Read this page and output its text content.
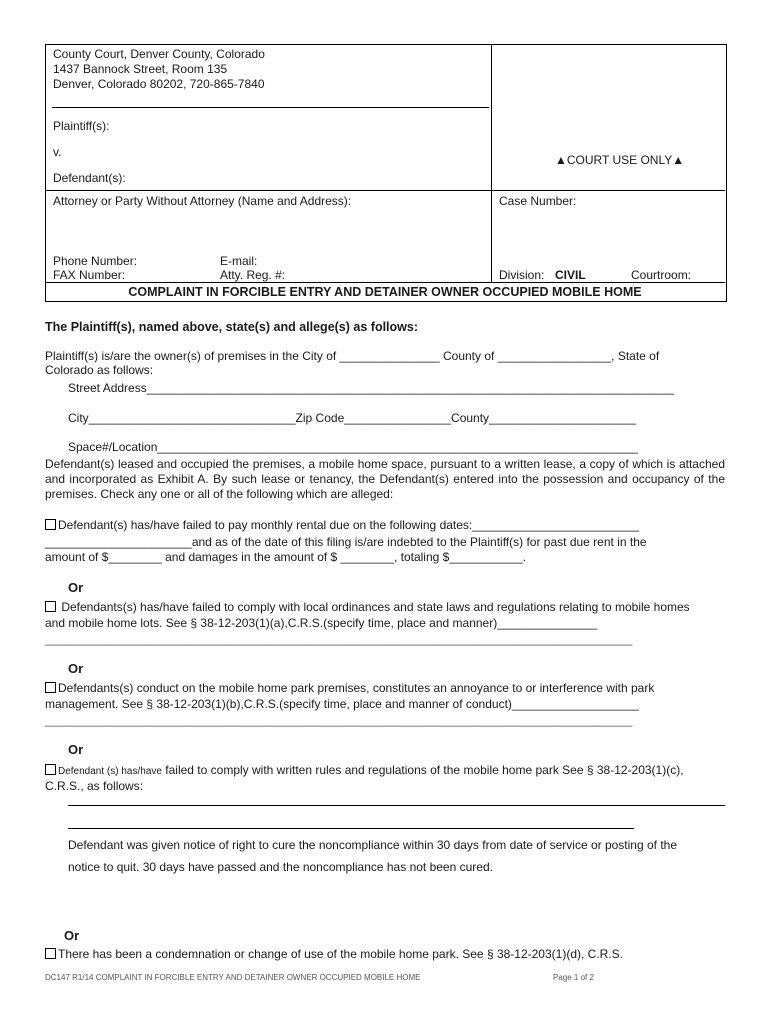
County Court, Denver County, Colorado
1437 Bannock Street, Room 135
Denver, Colorado 80202, 720-865-7840
Plaintiff(s):
v.
Defendant(s):
▲COURT USE ONLY▲
Attorney or Party Without Attorney (Name and Address):	Case Number:
Phone Number:	E-mail:
FAX Number:	Atty. Reg. #:	Division: CIVIL	Courtroom:
COMPLAINT IN FORCIBLE ENTRY AND DETAINER OWNER OCCUPIED MOBILE HOME
The Plaintiff(s), named above, state(s) and allege(s) as follows:
Plaintiff(s) is/are the owner(s) of premises in the City of _______________ County of _________________, State of
Colorado as follows:
Street Address_______________________________________________________________________________
City_______________________________Zip Code________________County______________________
Space#/Location________________________________________________________________________
Defendant(s) leased and occupied the premises, a mobile home space, pursuant to a written lease, a copy of which is attached and incorporated as Exhibit A. By such lease or tenancy, the Defendant(s) entered into the possession and occupancy of the premises. Check any one or all of the following which are alleged:
Defendant(s) has/have failed to pay monthly rental due on the following dates:_________________________
______________________and as of the date of this filing is/are indebted to the Plaintiff(s) for past due rent in the
amount of $________ and damages in the amount of $ ________, totaling $___________.
Or
Defendants(s) has/have failed to comply with local ordinances and state laws and regulations relating to mobile homes
and mobile home lots. See § 38-12-203(1)(a),C.R.S.(specify time, place and manner)_______________
________________________________________________________________________________________
Or
Defendants(s) conduct on the mobile home park premises, constitutes an annoyance to or interference with park
management. See § 38-12-203(1)(b),C.R.S.(specify time, place and manner of conduct)___________________
________________________________________________________________________________________
Or
Defendant (s) has/have failed to comply with written rules and regulations of the mobile home park See § 38-12-203(1)(c),
C.R.S., as follows:
Defendant was given notice of right to cure the noncompliance within 30 days from date of service or posting of the
notice to quit. 30 days have passed and the noncompliance has not been cured.
Or
There has been a condemnation or change of use of the mobile home park. See § 38-12-203(1)(d), C.R.S.
DC147 R1/14 COMPLAINT IN FORCIBLE ENTRY AND DETAINER OWNER OCCUPIED MOBILE HOME	Page 1 of 2
